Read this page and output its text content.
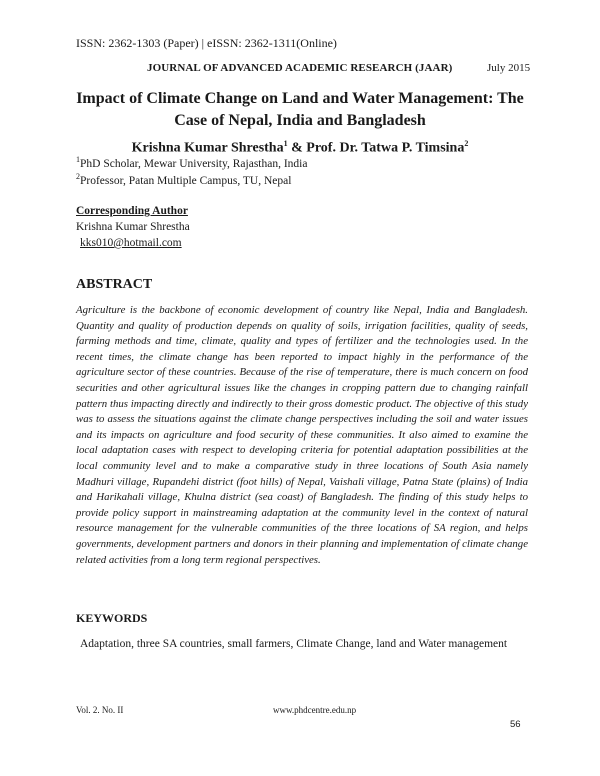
ISSN: 2362-1303 (Paper) | eISSN: 2362-1311(Online)
JOURNAL OF ADVANCED ACADEMIC RESEARCH (JAAR)	July 2015
Impact of Climate Change on Land and Water Management: The
Case of Nepal, India and Bangladesh
Krishna Kumar Shrestha$^1$ & Prof. Dr. Tatwa P. Timsina$^2$
$^1$PhD Scholar, Mewar University, Rajasthan, India
$^2$Professor, Patan Multiple Campus, TU, Nepal
Corresponding Author
Krishna Kumar Shrestha
kks010@hotmail.com
ABSTRACT

Agriculture is the backbone of economic development of country like Nepal, India and Bangladesh. Quantity and quality of production depends on quality of soils, irrigation facilities, quality of seeds, farming methods and time, climate, quality and types of fertilizer and the technologies used. In the recent times, the climate change has been reported to impact highly in the performance of the agriculture sector of these countries. Because of the rise of temperature, there is much concern on food securities and other agricultural issues like the changes in cropping pattern due to changing rainfall pattern thus impacting directly and indirectly to their gross domestic product. The objective of this study was to assess the situations against the climate change perspectives including the soil and water issues and its impacts on agriculture and food security of these communities. It also aimed to examine the local adaptation cases with respect to developing criteria for potential adaptation possibilities at the local community level and to make a comparative study in three locations of South Asia namely Madhuri village, Rupandehi district (foot hills) of Nepal, Vaishali village, Patna State (plains) of India and Harikahali village, Khulna district (sea coast) of Bangladesh. The finding of this study helps to provide policy support in mainstreaming adaptation at the community level in the context of natural resource management for the vulnerable communities of the three locations of SA region, and helps governments, development partners and donors in their planning and implementation of climate change related activities from a long term regional perspectives.

KEYWORDS
Adaptation, three SA countries, small farmers, Climate Change, land and Water management
Vol. 2. No. II	www.phdcentre.edu.np
56
